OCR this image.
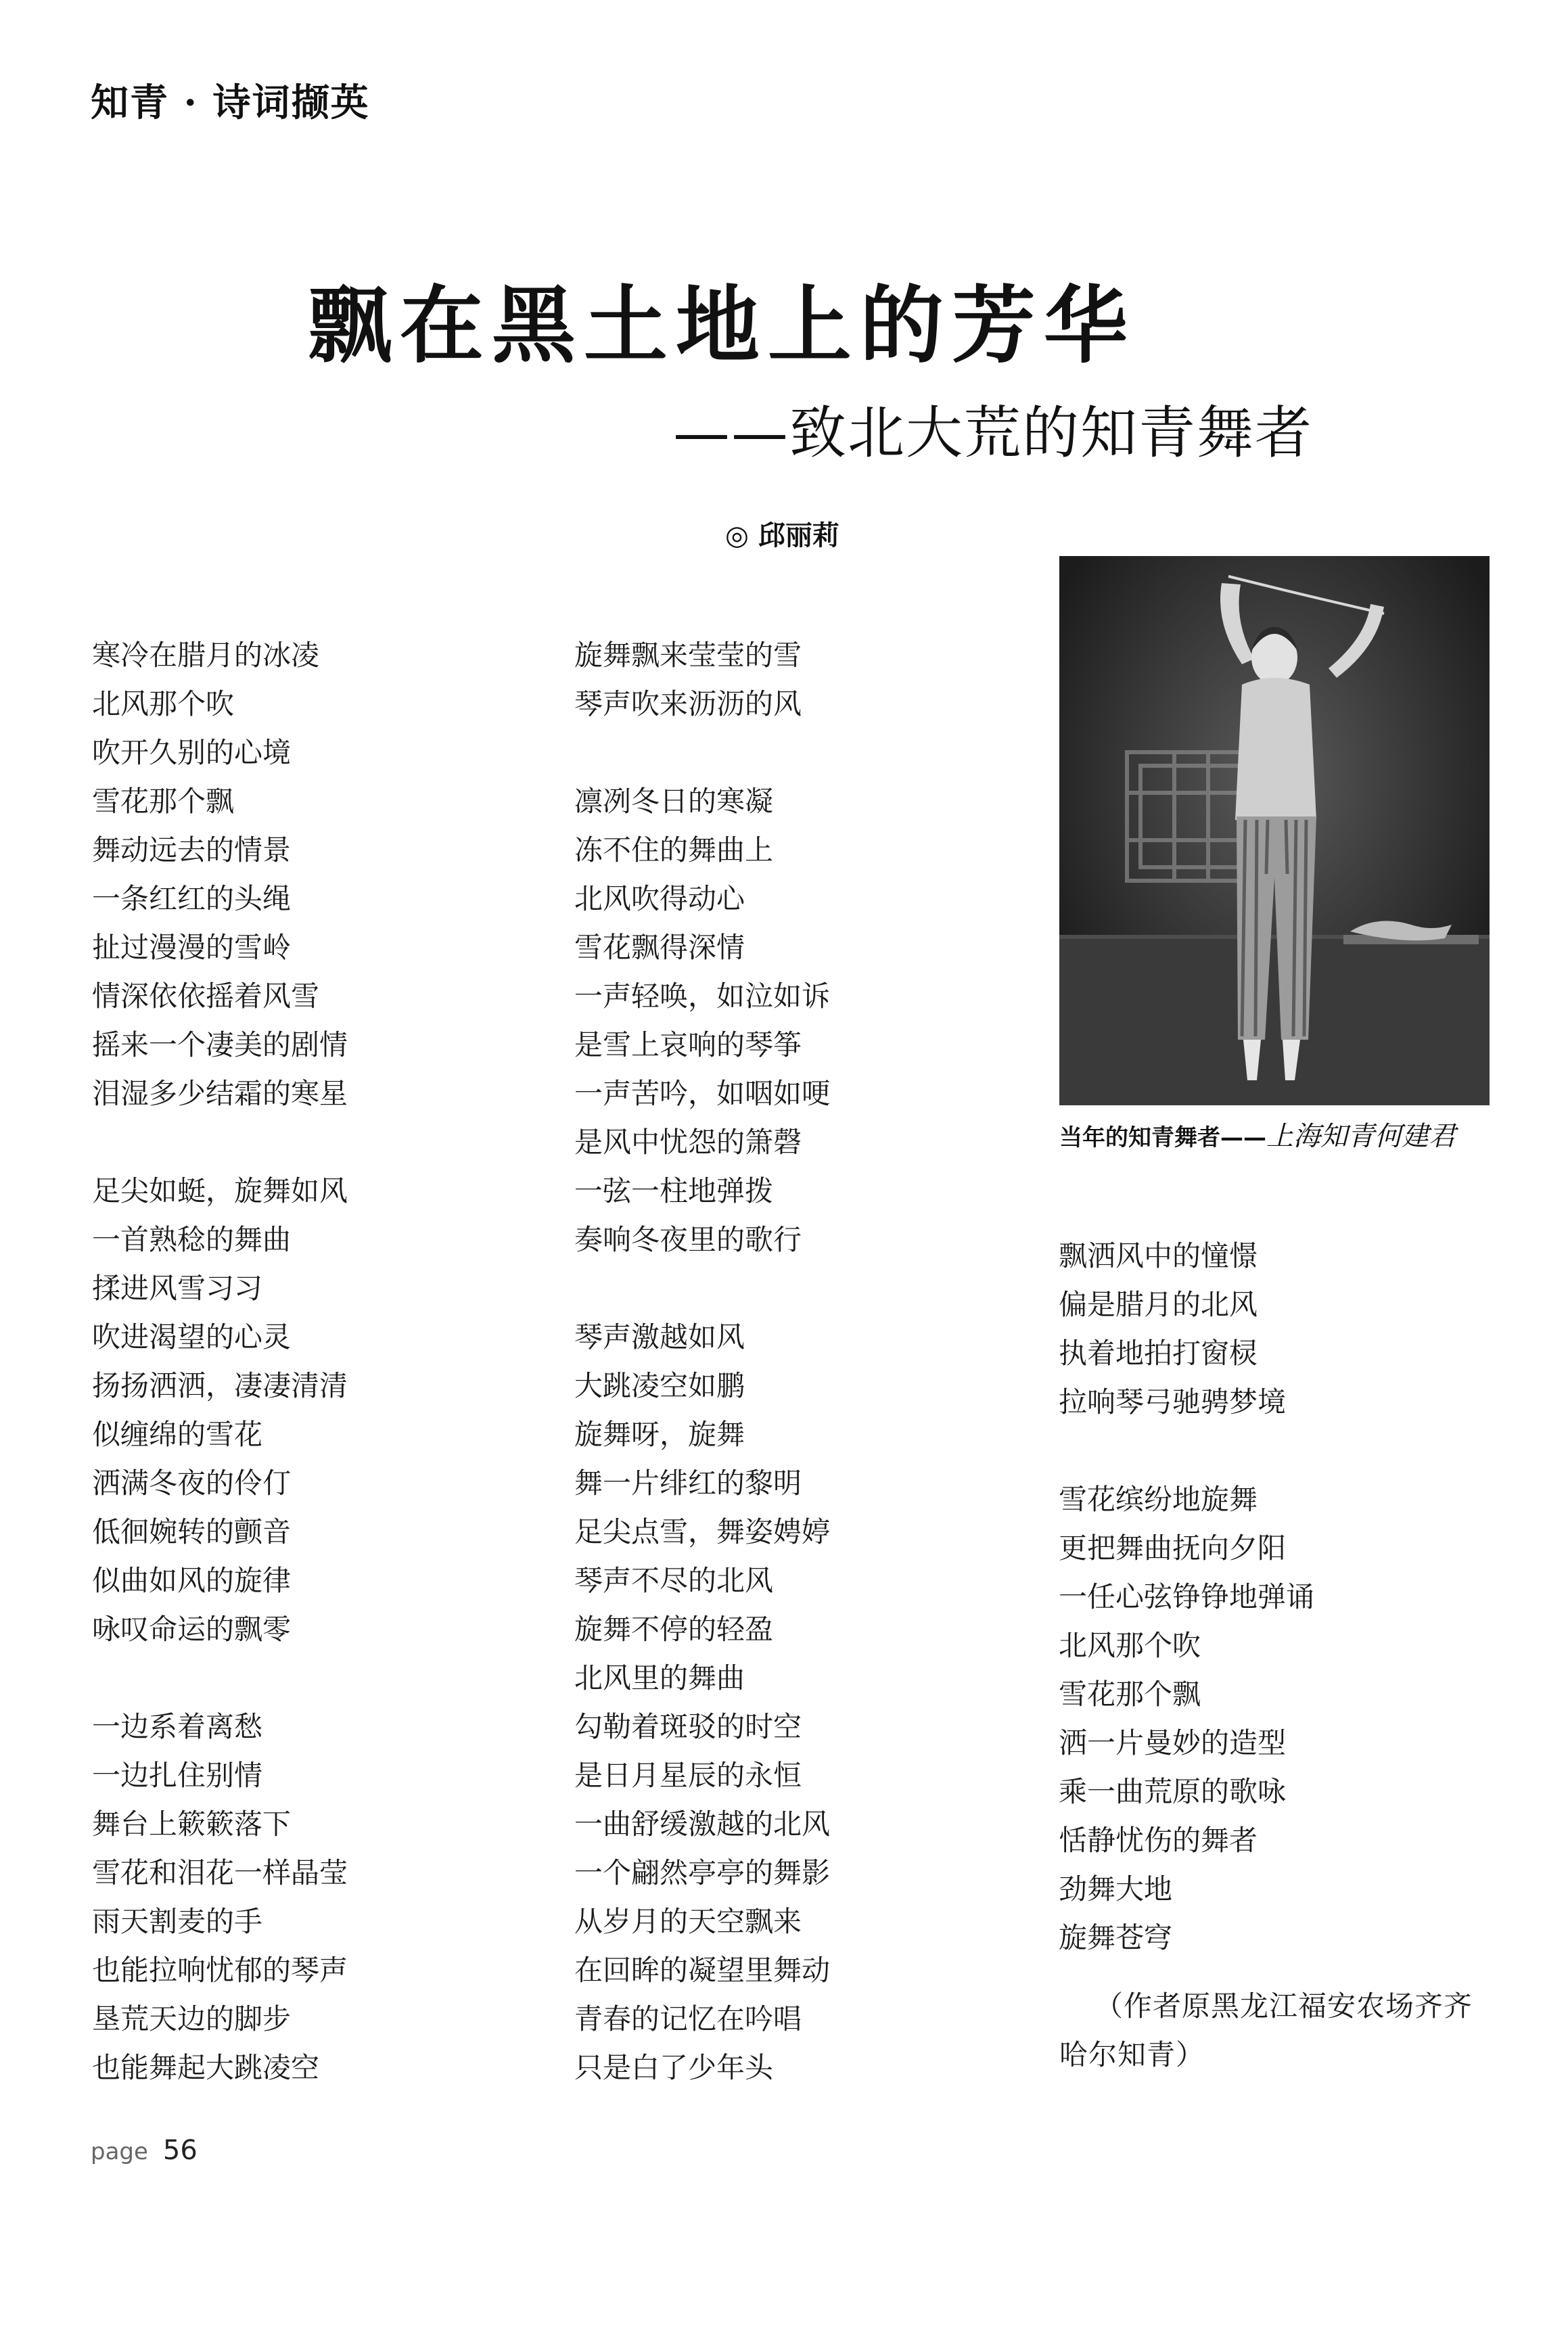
知青 · 诗词撷英
飘在黑土地上的芳华
——致北大荒的知青舞者
◎ 邱丽莉
寒冷在腊月的冰凌
北风那个吹
吹开久别的心境
雪花那个飘
舞动远去的情景
一条红红的头绳
扯过漫漫的雪岭
情深依依摇着风雪
摇来一个凄美的剧情
泪湿多少结霜的寒星
足尖如蜓，旋舞如风
一首熟稔的舞曲
揉进风雪习习
吹进渴望的心灵
扬扬洒洒，凄凄清清
似缠绵的雪花
洒满冬夜的伶仃
低徊婉转的颤音
似曲如风的旋律
咏叹命运的飘零
一边系着离愁
一边扎住别情
舞台上簌簌落下
雪花和泪花一样晶莹
雨天割麦的手
也能拉响忧郁的琴声
垦荒天边的脚步
也能舞起大跳凌空
旋舞飘来莹莹的雪
琴声吹来沥沥的风
凛冽冬日的寒凝
冻不住的舞曲上
北风吹得动心
雪花飘得深情
一声轻唤，如泣如诉
是雪上哀响的琴筝
一声苦吟，如咽如哽
是风中忧怨的箫磬
一弦一柱地弹拨
奏响冬夜里的歌行
琴声激越如风
大跳凌空如鹏
旋舞呀，旋舞
舞一片绯红的黎明
足尖点雪，舞姿娉婷
琴声不尽的北风
旋舞不停的轻盈
北风里的舞曲
勾勒着斑驳的时空
是日月星辰的永恒
一曲舒缓激越的北风
一个翩然亭亭的舞影
从岁月的天空飘来
在回眸的凝望里舞动
青春的记忆在吟唱
只是白了少年头
当年的知青舞者——上海知青何建君
飘洒风中的憧憬
偏是腊月的北风
执着地拍打窗棂
拉响琴弓驰骋梦境
雪花缤纷地旋舞
更把舞曲抚向夕阳
一任心弦铮铮地弹诵
北风那个吹
雪花那个飘
洒一片曼妙的造型
乘一曲荒原的歌咏
恬静忧伤的舞者
劲舞大地
旋舞苍穹
（作者原黑龙江福安农场齐齐哈尔知青）
page 56
